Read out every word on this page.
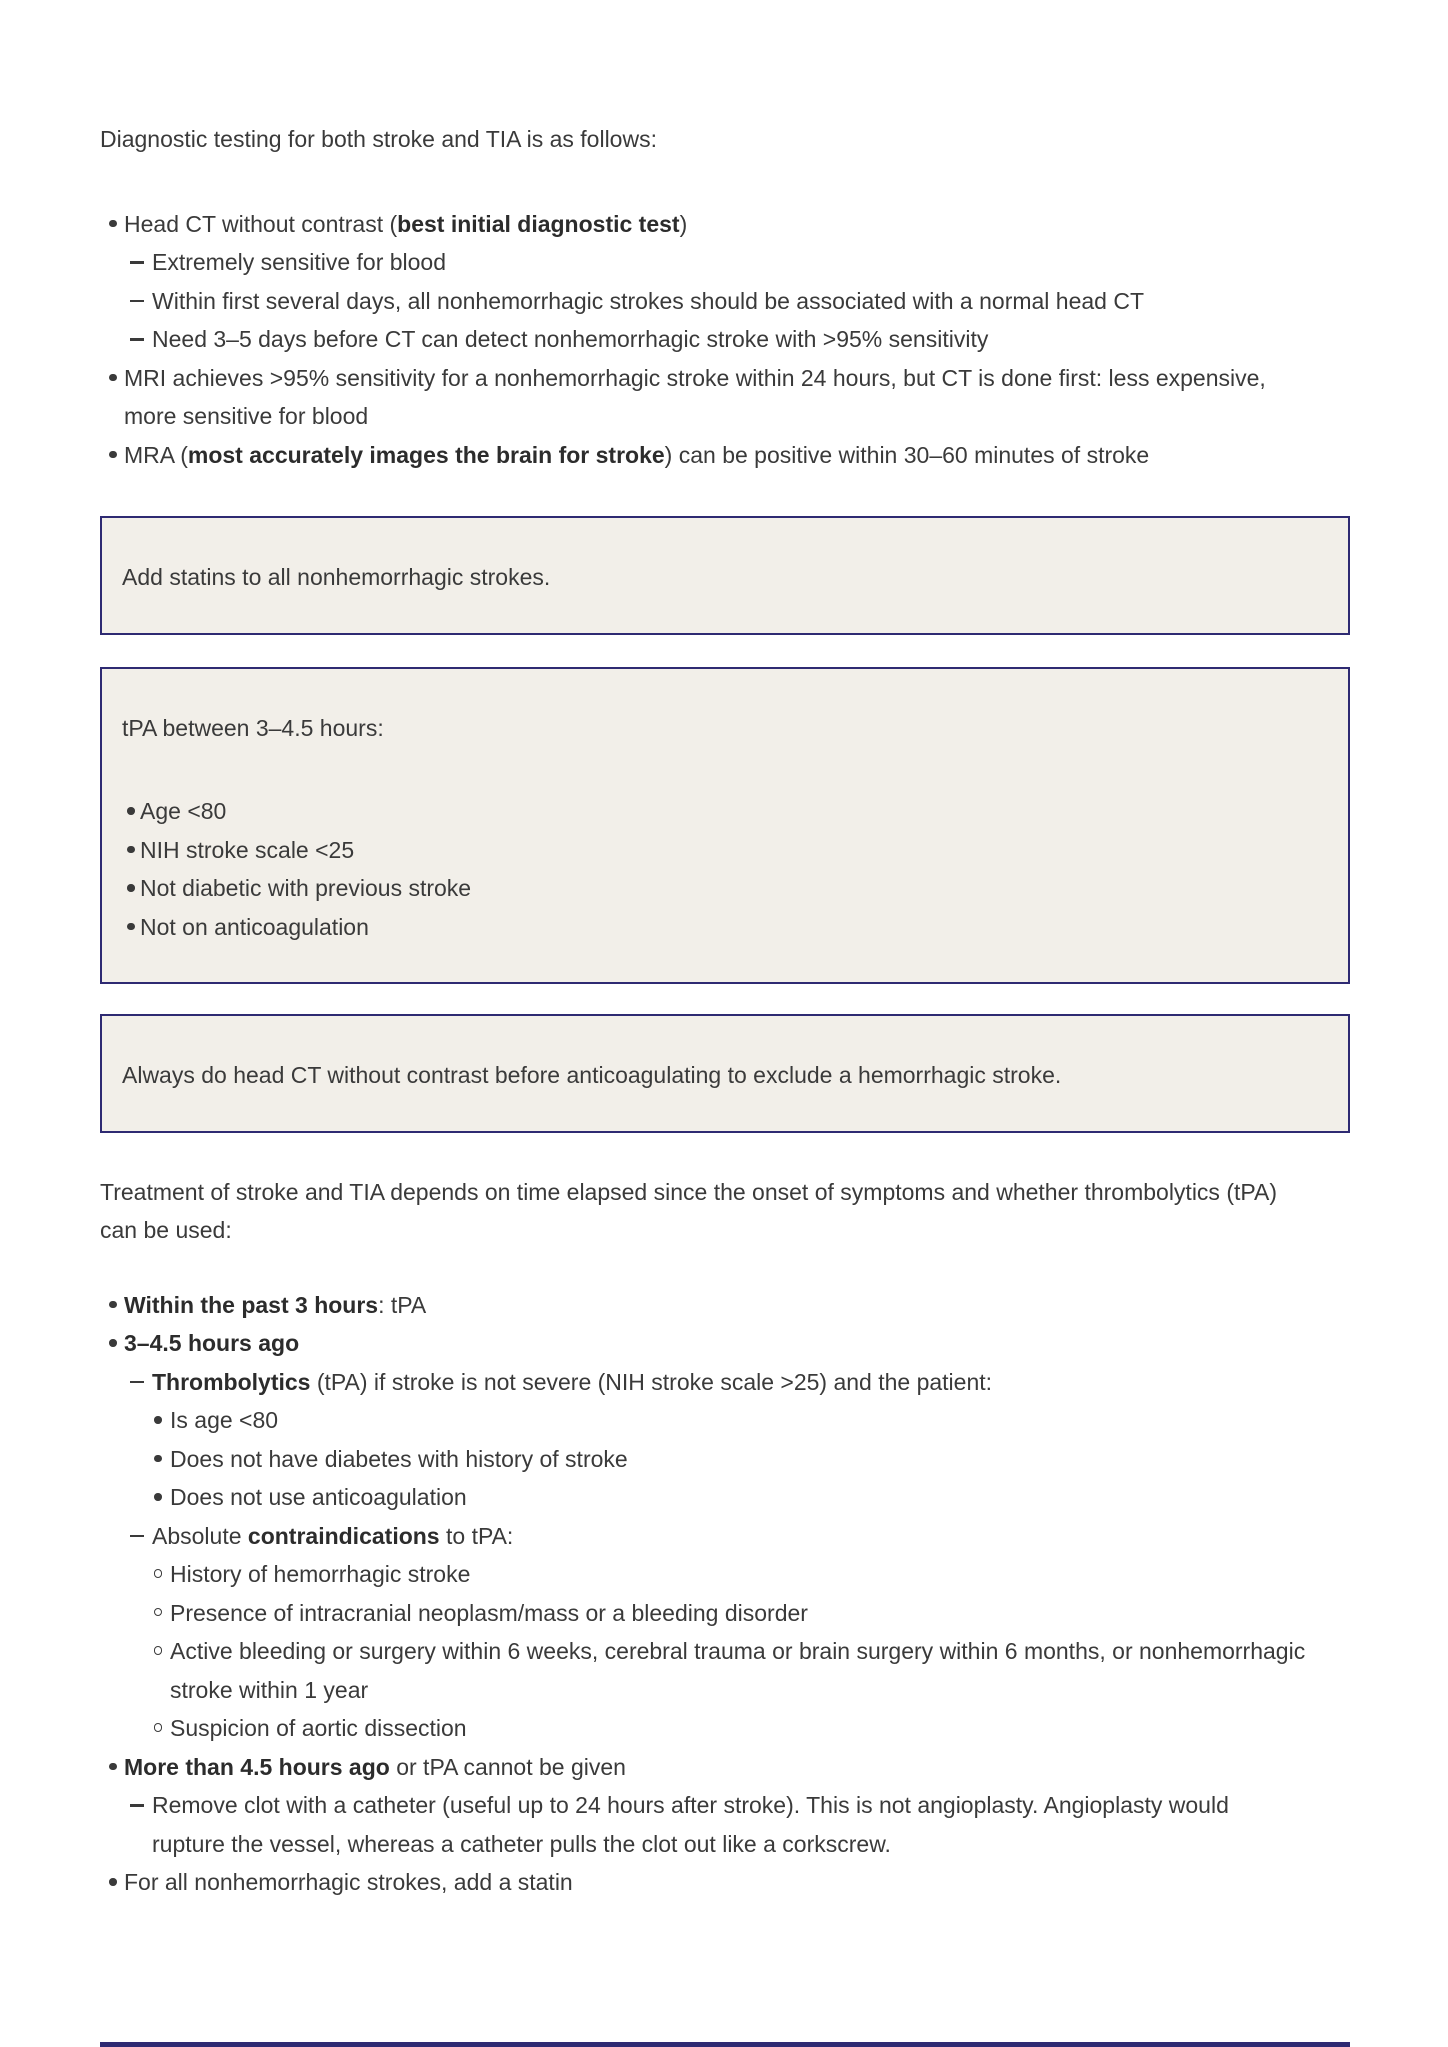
Diagnostic testing for both stroke and TIA is as follows:

Head CT without contrast (best initial diagnostic test)
Extremely sensitive for blood
Within first several days, all nonhemorrhagic strokes should be associated with a normal head CT
Need 3–5 days before CT can detect nonhemorrhagic stroke with >95% sensitivity
MRI achieves >95% sensitivity for a nonhemorrhagic stroke within 24 hours, but CT is done first: less expensive, more sensitive for blood
MRA (most accurately images the brain for stroke) can be positive within 30–60 minutes of stroke

Add statins to all nonhemorrhagic strokes.

tPA between 3–4.5 hours:

Age <80
NIH stroke scale <25
Not diabetic with previous stroke
Not on anticoagulation

Always do head CT without contrast before anticoagulating to exclude a hemorrhagic stroke.

Treatment of stroke and TIA depends on time elapsed since the onset of symptoms and whether thrombolytics (tPA) can be used:

Within the past 3 hours: tPA
3–4.5 hours ago
Thrombolytics (tPA) if stroke is not severe (NIH stroke scale >25) and the patient:
Is age <80
Does not have diabetes with history of stroke
Does not use anticoagulation
Absolute contraindications to tPA:
History of hemorrhagic stroke
Presence of intracranial neoplasm/mass or a bleeding disorder
Active bleeding or surgery within 6 weeks, cerebral trauma or brain surgery within 6 months, or nonhemorrhagic stroke within 1 year
Suspicion of aortic dissection
More than 4.5 hours ago or tPA cannot be given
Remove clot with a catheter (useful up to 24 hours after stroke). This is not angioplasty. Angioplasty would rupture the vessel, whereas a catheter pulls the clot out like a corkscrew.
For all nonhemorrhagic strokes, add a statin
